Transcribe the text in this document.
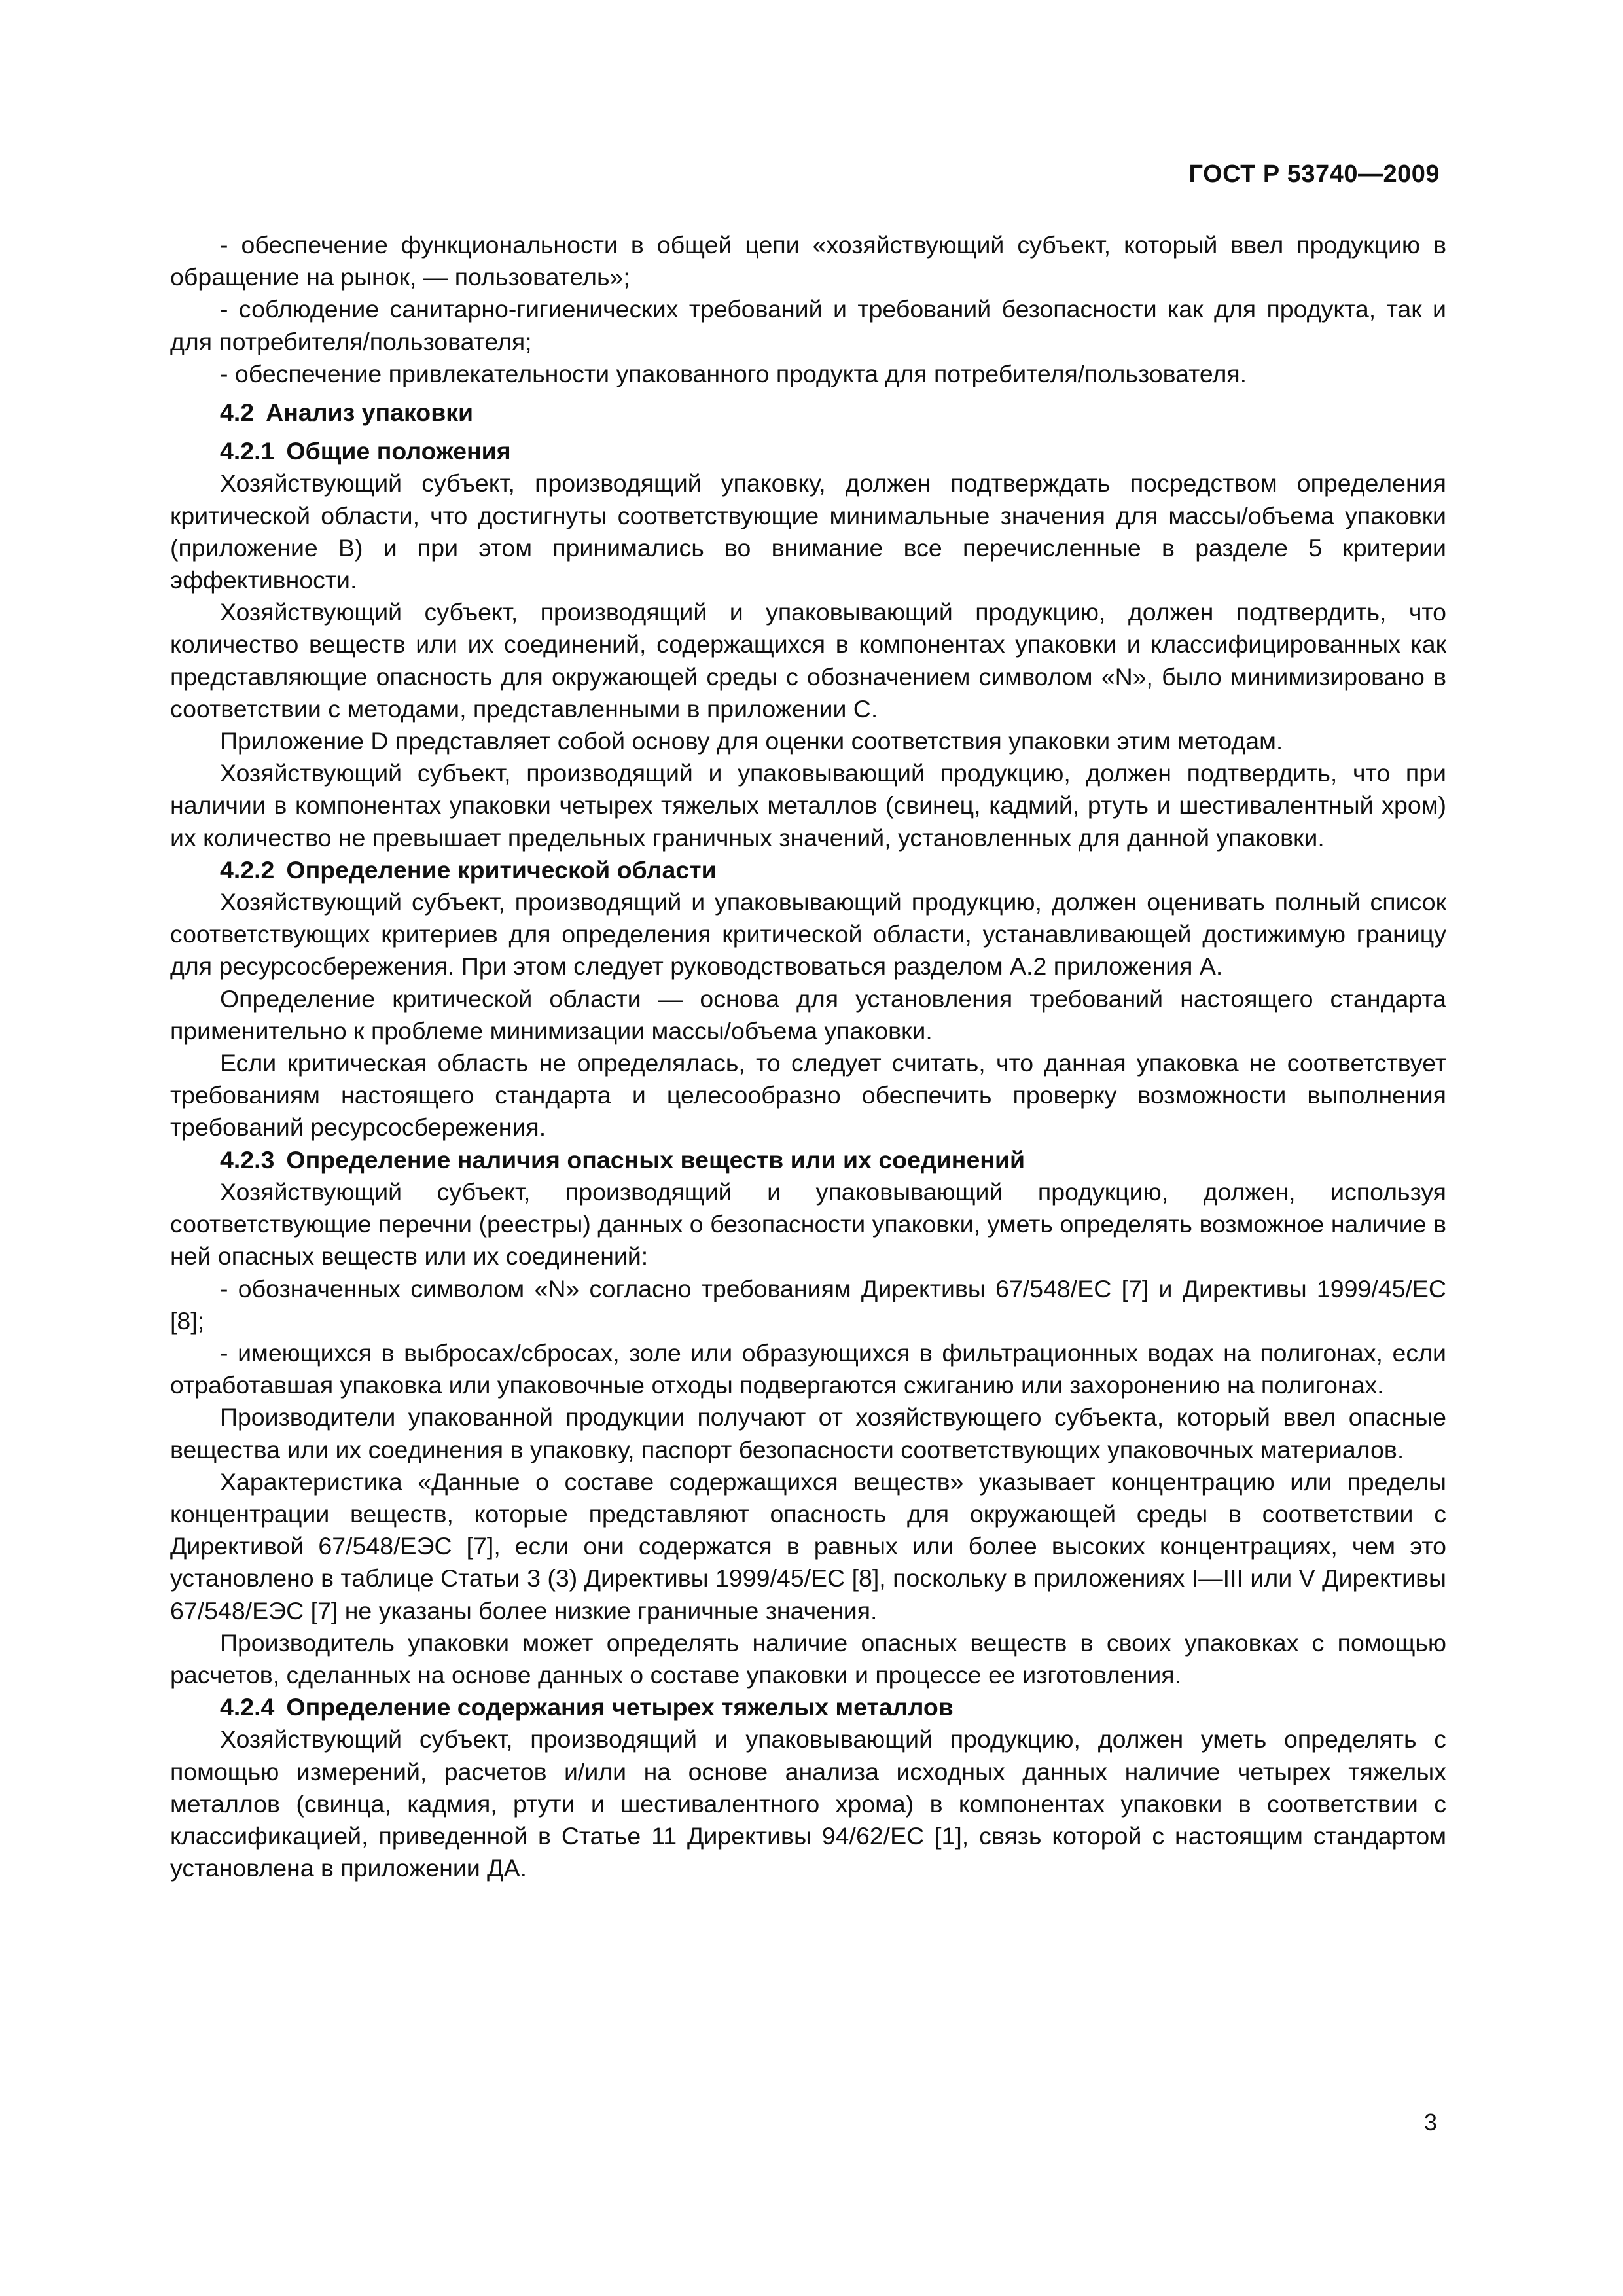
ГОСТ Р 53740—2009

- обеспечение функциональности в общей цепи «хозяйствующий субъект, который ввел продукцию в обращение на рынок, — пользователь»;

- соблюдение санитарно-гигиенических требований и требований безопасности как для продукта, так и для потребителя/пользователя;

- обеспечение привлекательности упакованного продукта для потребителя/пользователя.

4.2 Анализ упаковки
4.2.1 Общие положения

Хозяйствующий субъект, производящий упаковку, должен подтверждать посредством определения критической области, что достигнуты соответствующие минимальные значения для массы/объема упаковки (приложение В) и при этом принимались во внимание все перечисленные в разделе 5 критерии эффективности.

Хозяйствующий субъект, производящий и упаковывающий продукцию, должен подтвердить, что количество веществ или их соединений, содержащихся в компонентах упаковки и классифицированных как представляющие опасность для окружающей среды с обозначением символом «N», было минимизировано в соответствии с методами, представленными в приложении С.

Приложение D представляет собой основу для оценки соответствия упаковки этим методам.

Хозяйствующий субъект, производящий и упаковывающий продукцию, должен подтвердить, что при наличии в компонентах упаковки четырех тяжелых металлов (свинец, кадмий, ртуть и шестивалентный хром) их количество не превышает предельных граничных значений, установленных для данной упаковки.

4.2.2 Определение критической области

Хозяйствующий субъект, производящий и упаковывающий продукцию, должен оценивать полный список соответствующих критериев для определения критической области, устанавливающей достижимую границу для ресурсосбережения. При этом следует руководствоваться разделом А.2 приложения А.

Определение критической области — основа для установления требований настоящего стандарта применительно к проблеме минимизации массы/объема упаковки.

Если критическая область не определялась, то следует считать, что данная упаковка не соответствует требованиям настоящего стандарта и целесообразно обеспечить проверку возможности выполнения требований ресурсосбережения.

4.2.3 Определение наличия опасных веществ или их соединений

Хозяйствующий субъект, производящий и упаковывающий продукцию, должен, используя соответствующие перечни (реестры) данных о безопасности упаковки, уметь определять возможное наличие в ней опасных веществ или их соединений:

- обозначенных символом «N» согласно требованиям Директивы 67/548/ЕС [7] и Директивы 1999/45/ЕС [8];

- имеющихся в выбросах/сбросах, золе или образующихся в фильтрационных водах на полигонах, если отработавшая упаковка или упаковочные отходы подвергаются сжиганию или захоронению на полигонах.

Производители упакованной продукции получают от хозяйствующего субъекта, который ввел опасные вещества или их соединения в упаковку, паспорт безопасности соответствующих упаковочных материалов.

Характеристика «Данные о составе содержащихся веществ» указывает концентрацию или пределы концентрации веществ, которые представляют опасность для окружающей среды в соответствии с Директивой 67/548/ЕЭС [7], если они содержатся в равных или более высоких концентрациях, чем это установлено в таблице Статьи 3 (3) Директивы 1999/45/ЕС [8], поскольку в приложениях I—III или V Директивы 67/548/ЕЭС [7] не указаны более низкие граничные значения.

Производитель упаковки может определять наличие опасных веществ в своих упаковках с помощью расчетов, сделанных на основе данных о составе упаковки и процессе ее изготовления.

4.2.4 Определение содержания четырех тяжелых металлов

Хозяйствующий субъект, производящий и упаковывающий продукцию, должен уметь определять с помощью измерений, расчетов и/или на основе анализа исходных данных наличие четырех тяжелых металлов (свинца, кадмия, ртути и шестивалентного хрома) в компонентах упаковки в соответствии с классификацией, приведенной в Статье 11 Директивы 94/62/ЕС [1], связь которой с настоящим стандартом установлена в приложении ДА.

3
